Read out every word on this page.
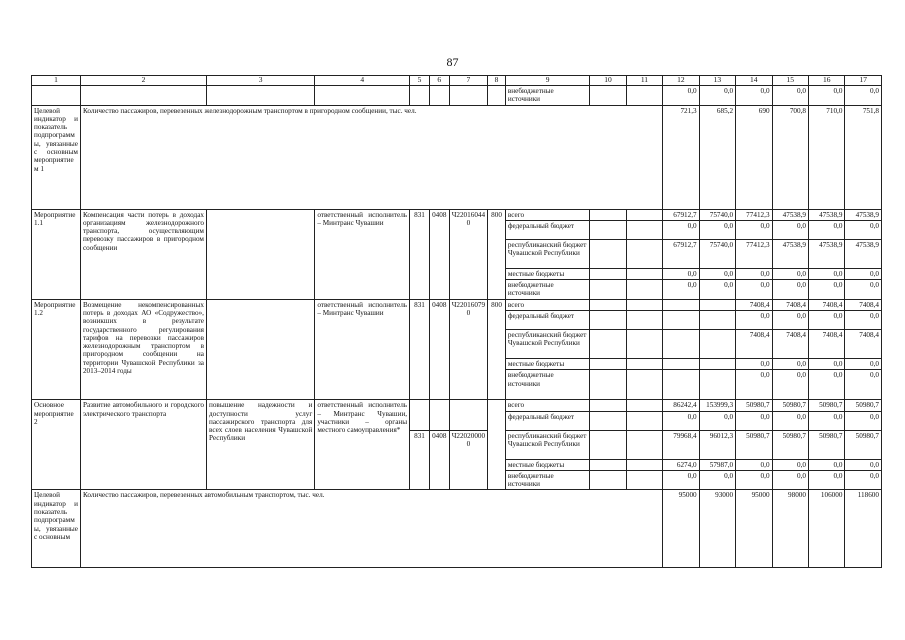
87
1	2	3	4	5	6	7	8	9	10	11	12	13	14	15	16	17
								внебюджетные источники			0,0	0,0	0,0	0,0	0,0	0,0
Целевой индикатор и показатель подпрограммы, увязанные с основным мероприятием 1	Количество пассажиров, перевезенных железнодорожным транспортом в пригородном сообщении, тыс. чел.										721,3	685,2	690	700,8	710,0	751,8
Мероприятие 1.1	Компенсация части потерь в доходах организациям железнодорожного транспорта, осуществляющим перевозку пассажиров в пригородном сообщении		ответственный исполнитель – Минтранс Чувашии	831	0408	Ч220160440	800	всего			67912,7	75740,0	77412,3	47538,9	47538,9	47538,9
								федеральный бюджет			0,0	0,0	0,0	0,0	0,0	0,0
								республиканский бюджет Чувашской Республики			67912,7	75740,0	77412,3	47538,9	47538,9	47538,9
								местные бюджеты			0,0	0,0	0,0	0,0	0,0	0,0
								внебюджетные источники			0,0	0,0	0,0	0,0	0,0	0,0
Мероприятие 1.2	Возмещение некомпенсированных потерь в доходах АО «Содружество», возникших в результате государственного регулирования тарифов на перевозки пассажиров железнодорожным транспортом в пригородном сообщении на территории Чувашской Республики за 2013–2014 годы		ответственный исполнитель – Минтранс Чувашии	831	0408	Ч220160790	800	всего					7408,4	7408,4	7408,4	7408,4
								федеральный бюджет					0,0	0,0	0,0	0,0
								республиканский бюджет Чувашской Республики					7408,4	7408,4	7408,4	7408,4
								местные бюджеты					0,0	0,0	0,0	0,0
								внебюджетные источники					0,0	0,0	0,0	0,0
Основное мероприятие 2	Развитие автомобильного и городского электрического транспорта	повышение надежности и доступности услуг пассажирского транспорта для всех слоев населения Чувашской Республики	ответственный исполнитель – Минтранс Чувашии, участники – органы местного самоуправления*					всего			86242,4	153999,3	50980,7	50980,7	50980,7	50980,7
								федеральный бюджет			0,0	0,0	0,0	0,0	0,0	0,0
				831	0408	Ч220200000		республиканский бюджет Чувашской Республики			79968,4	96012,3	50980,7	50980,7	50980,7	50980,7
								местные бюджеты			6274,0	57987,0	0,0	0,0	0,0	0,0
								внебюджетные источники			0,0	0,0	0,0	0,0	0,0	0,0
Целевой индикатор и показатель подпрограммы, увязанные с основным	Количество пассажиров, перевезенных автомобильным транспортом, тыс. чел.										95000	93000	95000	98000	106000	118600
